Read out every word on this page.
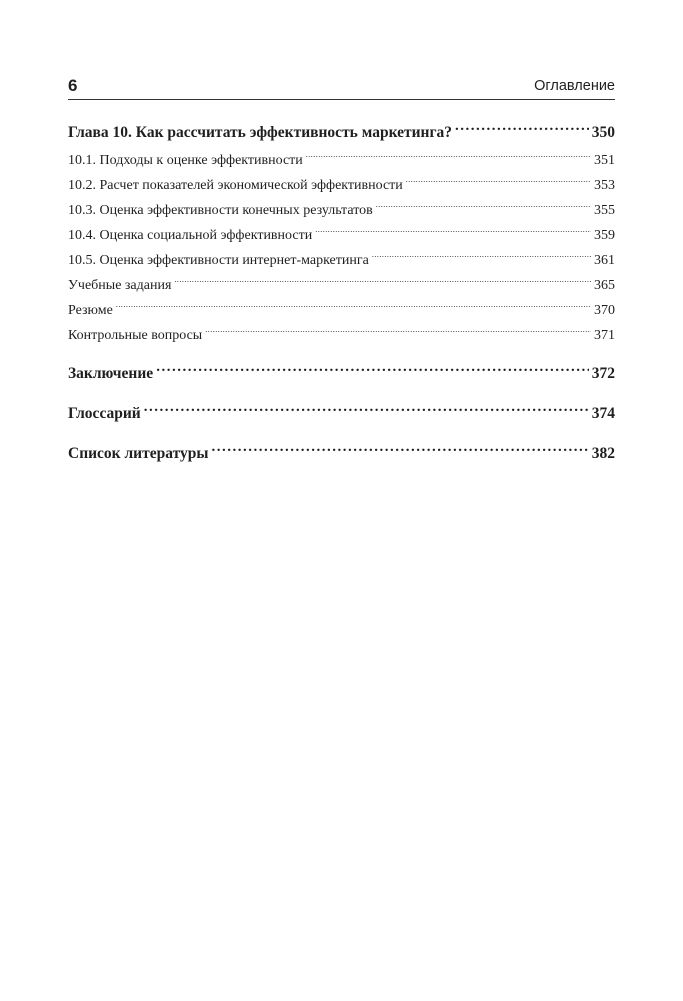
6	Оглавление
Глава 10. Как рассчитать эффективность маркетинга? .....	350
10.1. Подходы к оценке эффективности .....	351
10.2. Расчет показателей экономической эффективности .....	353
10.3. Оценка эффективности конечных результатов .....	355
10.4. Оценка социальной эффективности .....	359
10.5. Оценка эффективности интернет-маркетинга .....	361
Учебные задания .....	365
Резюме .....	370
Контрольные вопросы .....	371
Заключение .....	372
Глоссарий .....	374
Список литературы .....	382
